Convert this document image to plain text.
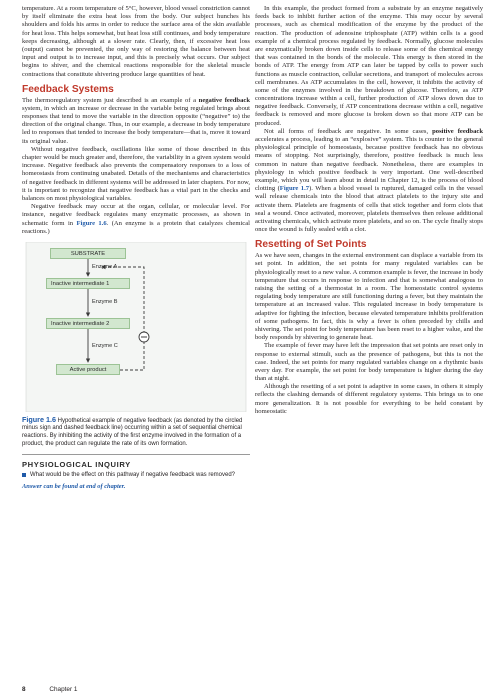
temperature. At a room temperature of 5°C, however, blood vessel constriction cannot by itself eliminate the extra heat loss from the body. Our subject hunches his shoulders and folds his arms in order to reduce the surface area of the skin available for heat loss. This helps somewhat, but heat loss still continues, and body temperature keeps decreasing, although at a slower rate. Clearly, then, if excessive heat loss (output) cannot be prevented, the only way of restoring the balance between heat input and output is to increase input, and this is precisely what occurs. Our subject begins to shiver, and the chemical reactions responsible for the skeletal muscle contractions that constitute shivering produce large quantities of heat.

Feedback Systems

The thermoregulatory system just described is an example of a negative feedback system, in which an increase or decrease in the variable being regulated brings about responses that tend to move the variable in the direction opposite (“negative” to) the direction of the original change. Thus, in our example, a decrease in body temperature led to responses that tended to increase the body temperature—that is, move it toward its original value.

Without negative feedback, oscillations like some of those described in this chapter would be much greater and, therefore, the variability in a given system would increase. Negative feedback also prevents the compensatory responses to a loss of homeostasis from continuing unabated. Details of the mechanisms and characteristics of negative feedback in different systems will be addressed in later chapters. For now, it is important to recognize that negative feedback has a vital part in the checks and balances on most physiological variables.

Negative feedback may occur at the organ, cellular, or molecular level. For instance, negative feedback regulates many enzymatic processes, as shown in schematic form in Figure 1.6. (An enzyme is a protein that catalyzes chemical reactions.)

SUBSTRATE
Enzyme A
Inactive intermediate 1
Enzyme B
Inactive intermediate 2
Enzyme C
Active product
Figure 1.6 Hypothetical example of negative feedback (as denoted by the circled minus sign and dashed feedback line) occurring within a set of sequential chemical reactions. By inhibiting the activity of the first enzyme involved in the formation of a product, the product can regulate the rate of its own formation.
PHYSIOLOGICAL INQUIRY
What would be the effect on this pathway if negative feedback was removed?
Answer can be found at end of chapter.

In this example, the product formed from a substrate by an enzyme negatively feeds back to inhibit further action of the enzyme. This may occur by several processes, such as chemical modification of the enzyme by the product of the reaction. The production of adenosine triphosphate (ATP) within cells is a good example of a chemical process regulated by feedback. Normally, glucose molecules are enzymatically broken down inside cells to release some of the chemical energy that was contained in the bonds of the molecule. This energy is then stored in the bonds of ATP. The energy from ATP can later be tapped by cells to power such functions as muscle contraction, cellular secretions, and transport of molecules across cell membranes. As ATP accumulates in the cell, however, it inhibits the activity of some of the enzymes involved in the breakdown of glucose. Therefore, as ATP concentrations increase within a cell, further production of ATP slows down due to negative feedback. Conversely, if ATP concentrations decrease within a cell, negative feedback is removed and more glucose is broken down so that more ATP can be produced.

Not all forms of feedback are negative. In some cases, positive feedback accelerates a process, leading to an “explosive” system. This is counter to the general physiological principle of homeostasis, because positive feedback has no obvious means of stopping. Not surprisingly, therefore, positive feedback is much less common in nature than negative feedback. Nonetheless, there are examples in physiology in which positive feedback is very important. One well-described example, which you will learn about in detail in Chapter 12, is the process of blood clotting (Figure 1.7). When a blood vessel is ruptured, damaged cells in the vessel wall release chemicals into the blood that attract platelets to the injury site and activate them. Platelets are fragments of cells that stick together and form clots that seal a wound. Once activated, moreover, platelets themselves then release additional activating chemicals, which activate more platelets, and so on. The cycle finally stops once the wound is fully sealed with a clot.

Resetting of Set Points

As we have seen, changes in the external environment can displace a variable from its set point. In addition, the set points for many regulated variables can be physiologically reset to a new value. A common example is fever, the increase in body temperature that occurs in response to infection and that is somewhat analogous to raising the setting of a thermostat in a room. The homeostatic control systems regulating body temperature are still functioning during a fever, but they maintain the temperature at an increased value. This regulated increase in body temperature is adaptive for fighting the infection, because elevated temperature inhibits proliferation of some pathogens. In fact, this is why a fever is often preceded by chills and shivering. The set point for body temperature has been reset to a higher value, and the body responds by shivering to generate heat.

The example of fever may have left the impression that set points are reset only in response to external stimuli, such as the presence of pathogens, but this is not the case. Indeed, the set points for many regulated variables change on a rhythmic basis every day. For example, the set point for body temperature is higher during the day than at night.

Although the resetting of a set point is adaptive in some cases, in others it simply reflects the clashing demands of different regulatory systems. This brings us to one more generalization. It is not possible for everything to be held constant by homeostatic

8	Chapter 1
